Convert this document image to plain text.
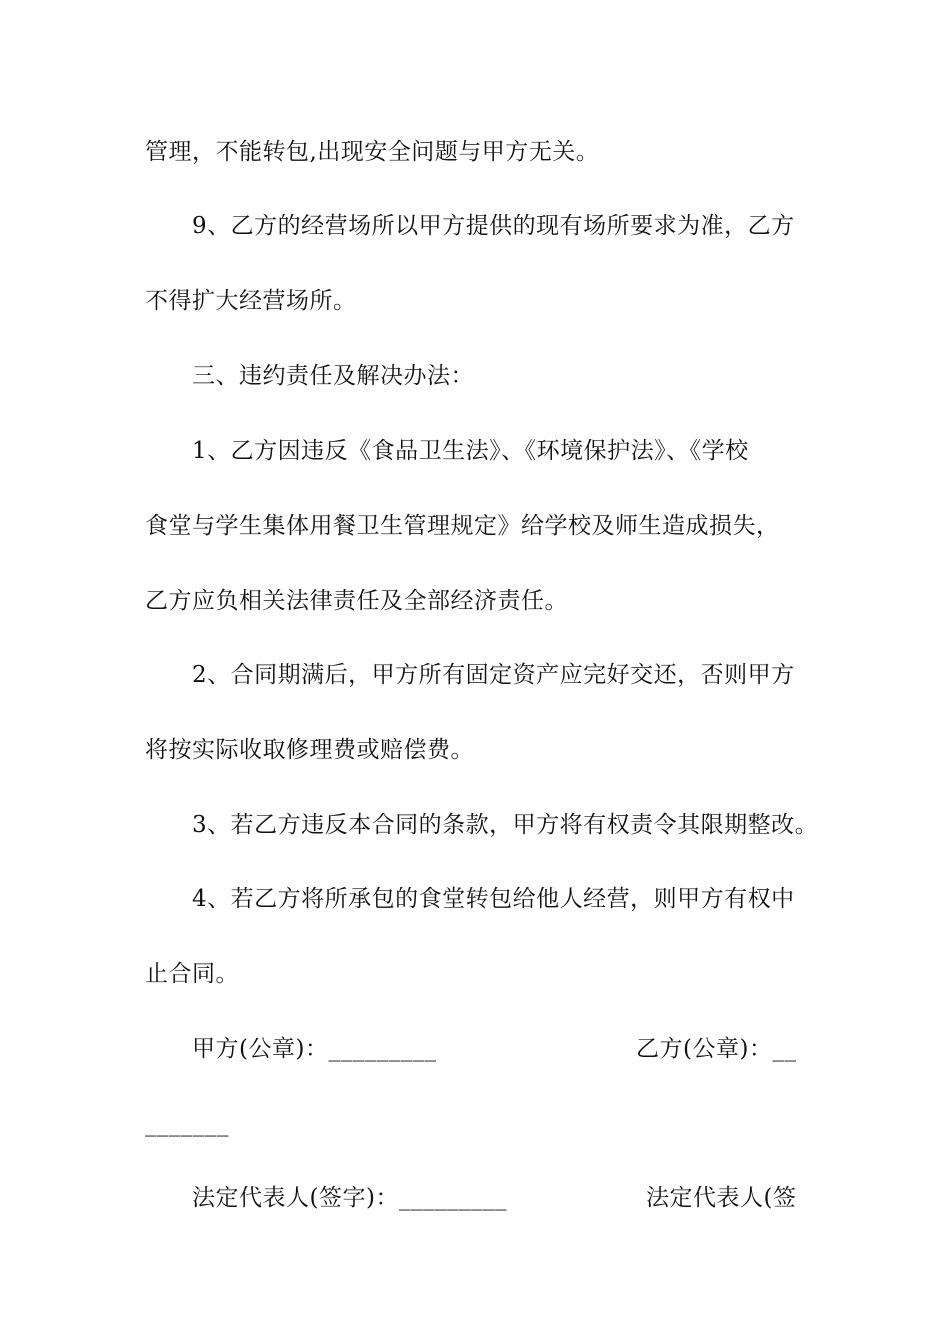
管理，不能转包,出现安全问题与甲方无关。
9、乙方的经营场所以甲方提供的现有场所要求为准，乙方
不得扩大经营场所。
三、违约责任及解决办法：
1、乙方因违反《食品卫生法》、《环境保护法》、《学校
食堂与学生集体用餐卫生管理规定》给学校及师生造成损失，
乙方应负相关法律责任及全部经济责任。
2、合同期满后，甲方所有固定资产应完好交还，否则甲方
将按实际收取修理费或赔偿费。
3、若乙方违反本合同的条款，甲方将有权责令其限期整改。
4、若乙方将所承包的食堂转包给他人经营，则甲方有权中
止合同。
甲方(公章)：_________	乙方(公章)：__
_______
法定代表人(签字)：_________	法定代表人(签
